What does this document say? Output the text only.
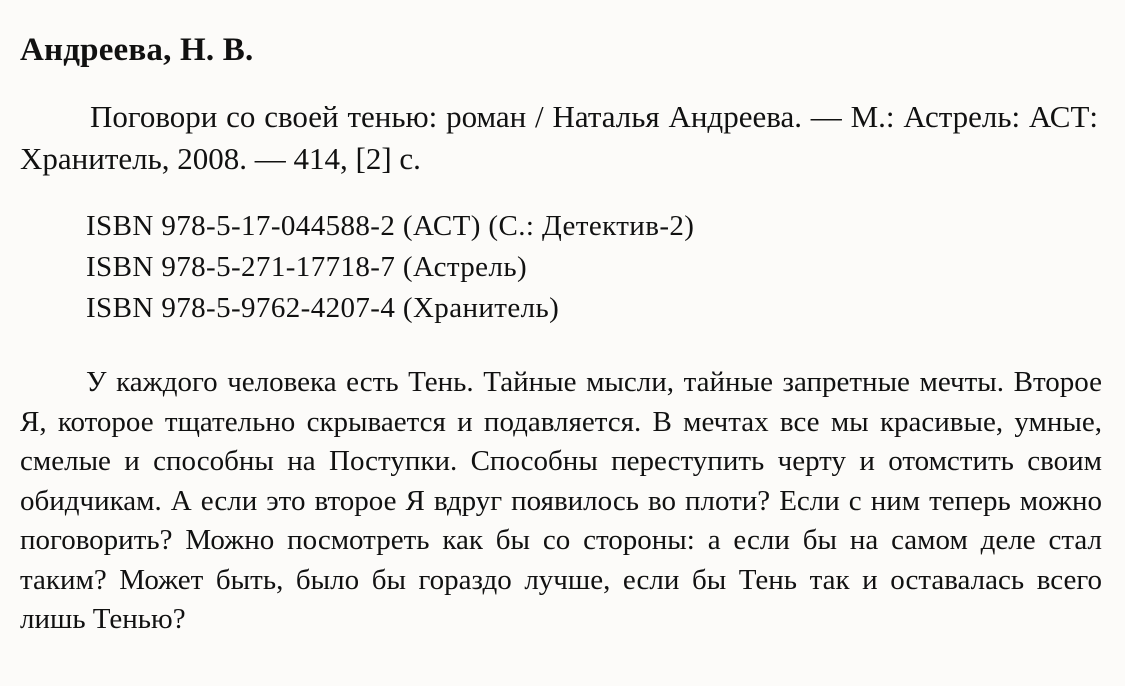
Андреева, Н. В.

Поговори со своей тенью: роман / Наталья Андреева. — М.: Астрель: АСТ: Хранитель, 2008. — 414, [2] с.

ISBN 978-5-17-044588-2 (АСТ) (С.: Детектив-2)
ISBN 978-5-271-17718-7 (Астрель)
ISBN 978-5-9762-4207-4 (Хранитель)

У каждого человека есть Тень. Тайные мысли, тайные запретные мечты. Второе Я, которое тщательно скрывается и подавляется. В мечтах все мы красивые, умные, смелые и способны на Поступки. Способны переступить черту и отомстить своим обидчикам. А если это второе Я вдруг появилось во плоти? Если с ним теперь можно поговорить? Можно посмотреть как бы со стороны: а если бы на самом деле стал таким? Может быть, было бы гораздо лучше, если бы Тень так и оставалась всего лишь Тенью?
